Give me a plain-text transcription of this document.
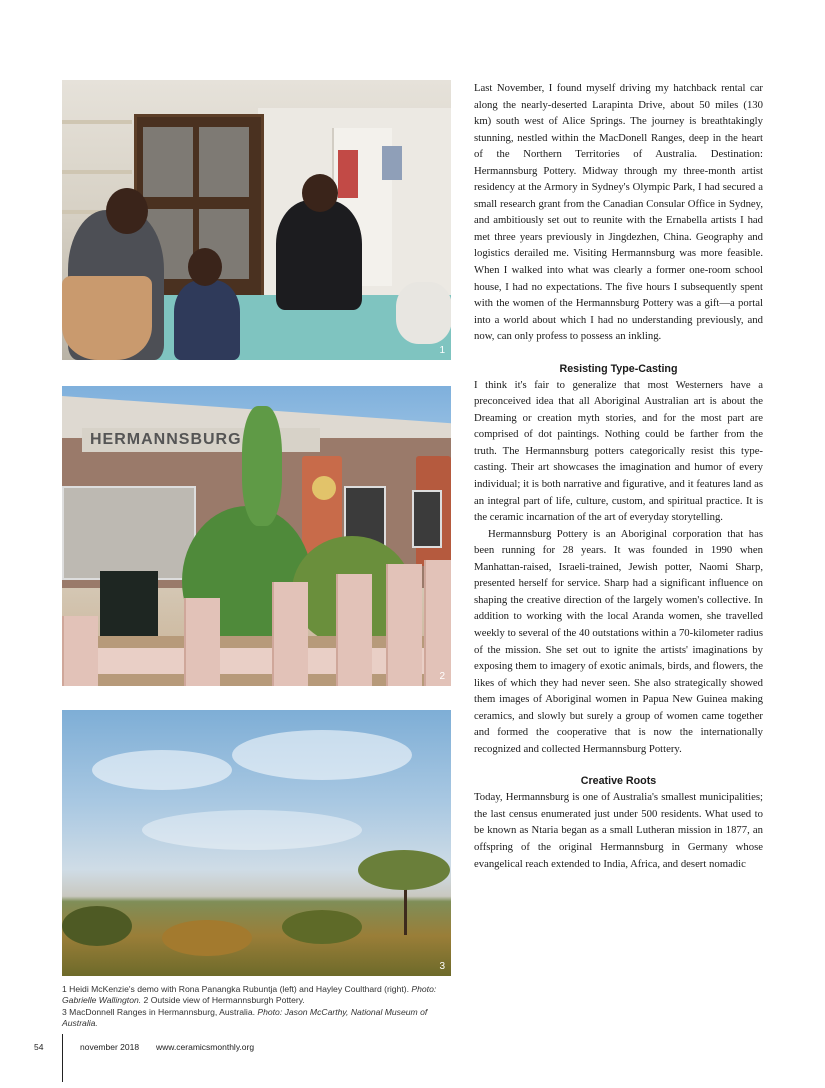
1
HERMANNSBURG
2
3
1 Heidi McKenzie's demo with Rona Panangka Rubuntja (left) and Hayley Coulthard (right). Photo: Gabrielle Wallington. 2 Outside view of Hermannsburgh Pottery.
3 MacDonnell Ranges in Hermannsburg, Australia. Photo: Jason McCarthy, National Museum of Australia.

Last November, I found myself driving my hatchback rental car along the nearly-deserted Larapinta Drive, about 50 miles (130 km) south west of Alice Springs. The journey is breathtakingly stunning, nestled within the MacDonell Ranges, deep in the heart of the Northern Territories of Australia. Destination: Hermannsburg Pottery. Midway through my three-month artist residency at the Armory in Sydney's Olympic Park, I had secured a small research grant from the Canadian Consular Office in Sydney, and ambitiously set out to reunite with the Ernabella artists I had met three years previously in Jingdezhen, China. Geography and logistics derailed me. Visiting Hermannsburg was more feasible. When I walked into what was clearly a former one-room school house, I had no expectations. The five hours I subsequently spent with the women of the Hermannsburg Pottery was a gift—a portal into a world about which I had no understanding previously, and now, can only profess to possess an inkling.

Resisting Type-Casting

I think it's fair to generalize that most Westerners have a preconceived idea that all Aboriginal Australian art is about the Dreaming or creation myth stories, and for the most part are comprised of dot paintings. Nothing could be farther from the truth. The Hermannsburg potters categorically resist this type-casting. Their art showcases the imagination and humor of every individual; it is both narrative and figurative, and it features land as an integral part of life, culture, custom, and spiritual practice. It is the ceramic incarnation of the art of everyday storytelling.

Hermannsburg Pottery is an Aboriginal corporation that has been running for 28 years. It was founded in 1990 when Manhattan-raised, Israeli-trained, Jewish potter, Naomi Sharp, presented herself for service. Sharp had a significant influence on shaping the creative direction of the largely women's collective. In addition to working with the local Aranda women, she travelled weekly to several of the 40 outstations within a 70-kilometer radius of the mission. She set out to ignite the artists' imaginations by exposing them to imagery of exotic animals, birds, and flowers, the likes of which they had never seen. She also strategically showed them images of Aboriginal women in Papua New Guinea making ceramics, and slowly but surely a group of women came together and formed the cooperative that is now the internationally recognized and collected Hermannsburg Pottery.

Creative Roots

Today, Hermannsburg is one of Australia's smallest municipalities; the last census enumerated just under 500 residents. What used to be known as Ntaria began as a small Lutheran mission in 1877, an offspring of the original Hermannsburg in Germany whose evangelical reach extended to India, Africa, and desert nomadic

54	november 2018 www.ceramicsmonthly.org
